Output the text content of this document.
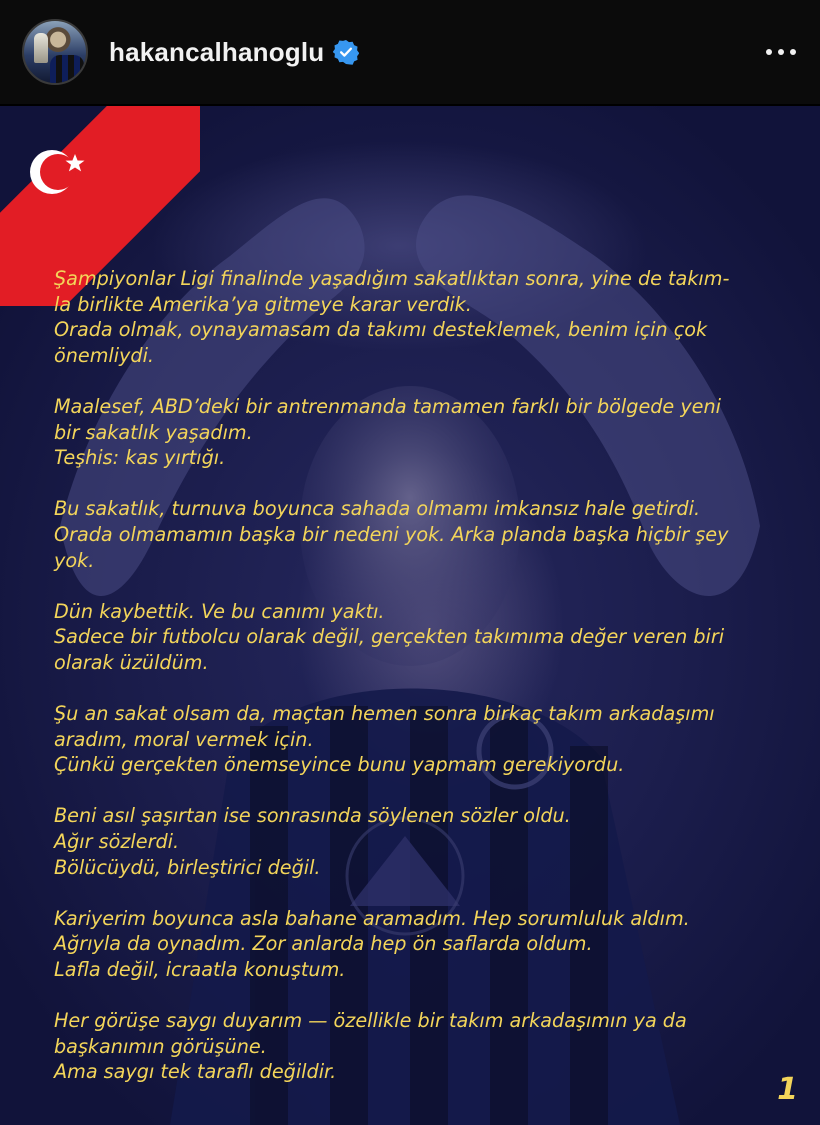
hakancalhanoglu
Şampiyonlar Ligi finalinde yaşadığım sakatlıktan sonra, yine de takım-
la birlikte Amerika’ya gitmeye karar verdik.
Orada olmak, oynayamasam da takımı desteklemek, benim için çok
önemliydi.
Maalesef, ABD’deki bir antrenmanda tamamen farklı bir bölgede yeni
bir sakatlık yaşadım.
Teşhis: kas yırtığı.
Bu sakatlık, turnuva boyunca sahada olmamı imkansız hale getirdi.
Orada olmamamın başka bir nedeni yok. Arka planda başka hiçbir şey
yok.
Dün kaybettik. Ve bu canımı yaktı.
Sadece bir futbolcu olarak değil, gerçekten takımıma değer veren biri
olarak üzüldüm.
Şu an sakat olsam da, maçtan hemen sonra birkaç takım arkadaşımı
aradım, moral vermek için.
Çünkü gerçekten önemseyince bunu yapmam gerekiyordu.
Beni asıl şaşırtan ise sonrasında söylenen sözler oldu.
Ağır sözlerdi.
Bölücüydü, birleştirici değil.
Kariyerim boyunca asla bahane aramadım. Hep sorumluluk aldım.
Ağrıyla da oynadım. Zor anlarda hep ön saflarda oldum.
Lafla değil, icraatla konuştum.
Her görüşe saygı duyarım — özellikle bir takım arkadaşımın ya da
başkanımın görüşüne.
Ama saygı tek taraflı değildir.
1
